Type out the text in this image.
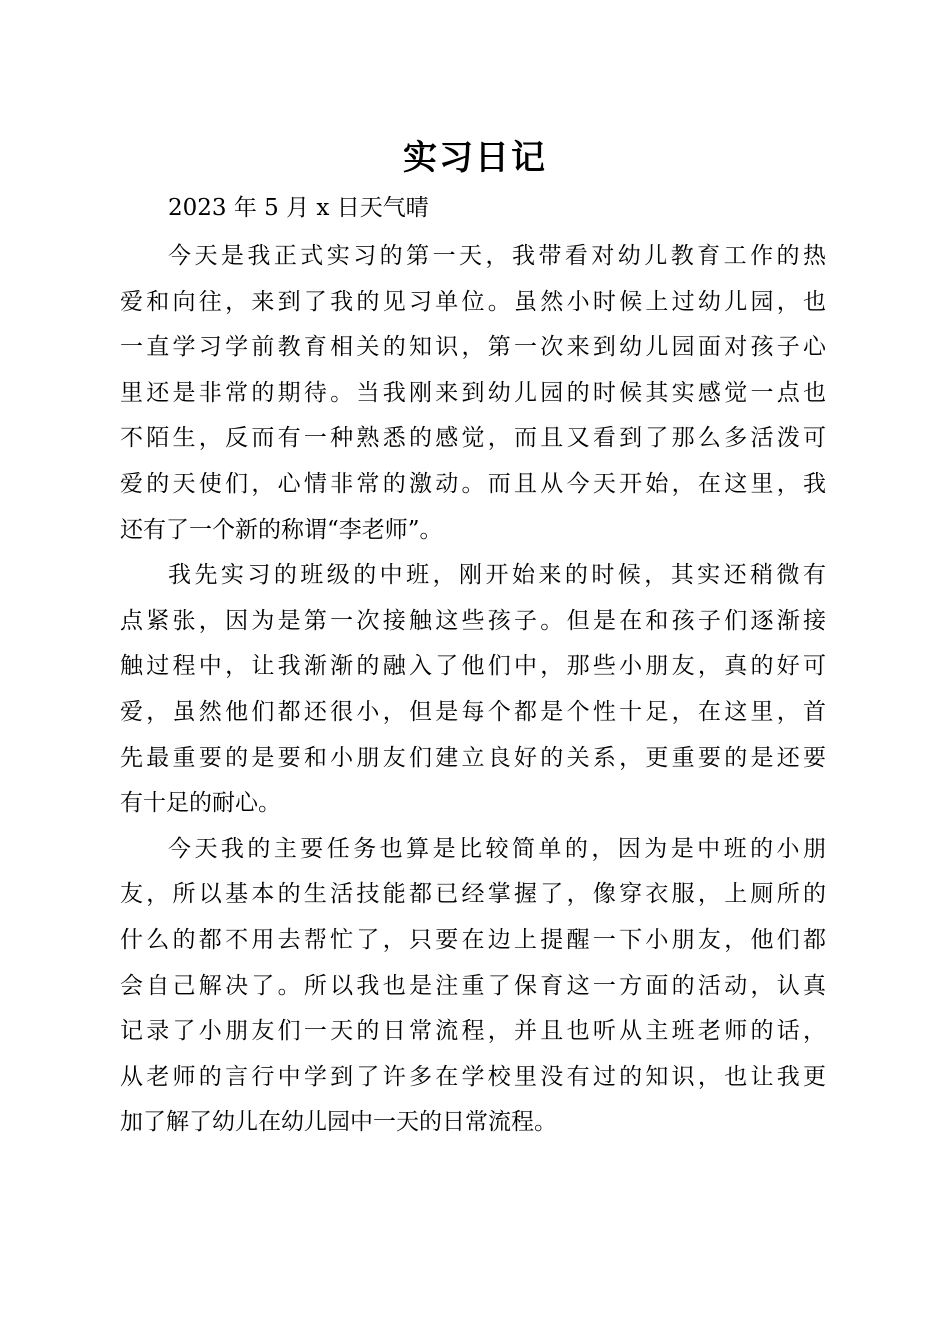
实习日记
2023 年 5 月 x 日天气晴
今天是我正式实习的第一天，我带看对幼儿教育工作的热
爱和向往，来到了我的见习单位。虽然小时候上过幼儿园，也
一直学习学前教育相关的知识，第一次来到幼儿园面对孩子心
里还是非常的期待。当我刚来到幼儿园的时候其实感觉一点也
不陌生，反而有一种熟悉的感觉，而且又看到了那么多活泼可
爱的天使们，心情非常的激动。而且从今天开始，在这里，我
还有了一个新的称谓“李老师”。
我先实习的班级的中班，刚开始来的时候，其实还稍微有
点紧张，因为是第一次接触这些孩子。但是在和孩子们逐渐接
触过程中，让我渐渐的融入了他们中，那些小朋友，真的好可
爱，虽然他们都还很小，但是每个都是个性十足，在这里，首
先最重要的是要和小朋友们建立良好的关系，更重要的是还要
有十足的耐心。
今天我的主要任务也算是比较简单的，因为是中班的小朋
友，所以基本的生活技能都已经掌握了，像穿衣服，上厕所的
什么的都不用去帮忙了，只要在边上提醒一下小朋友，他们都
会自己解决了。所以我也是注重了保育这一方面的活动，认真
记录了小朋友们一天的日常流程，并且也听从主班老师的话，
从老师的言行中学到了许多在学校里没有过的知识，也让我更
加了解了幼儿在幼儿园中一天的日常流程。
